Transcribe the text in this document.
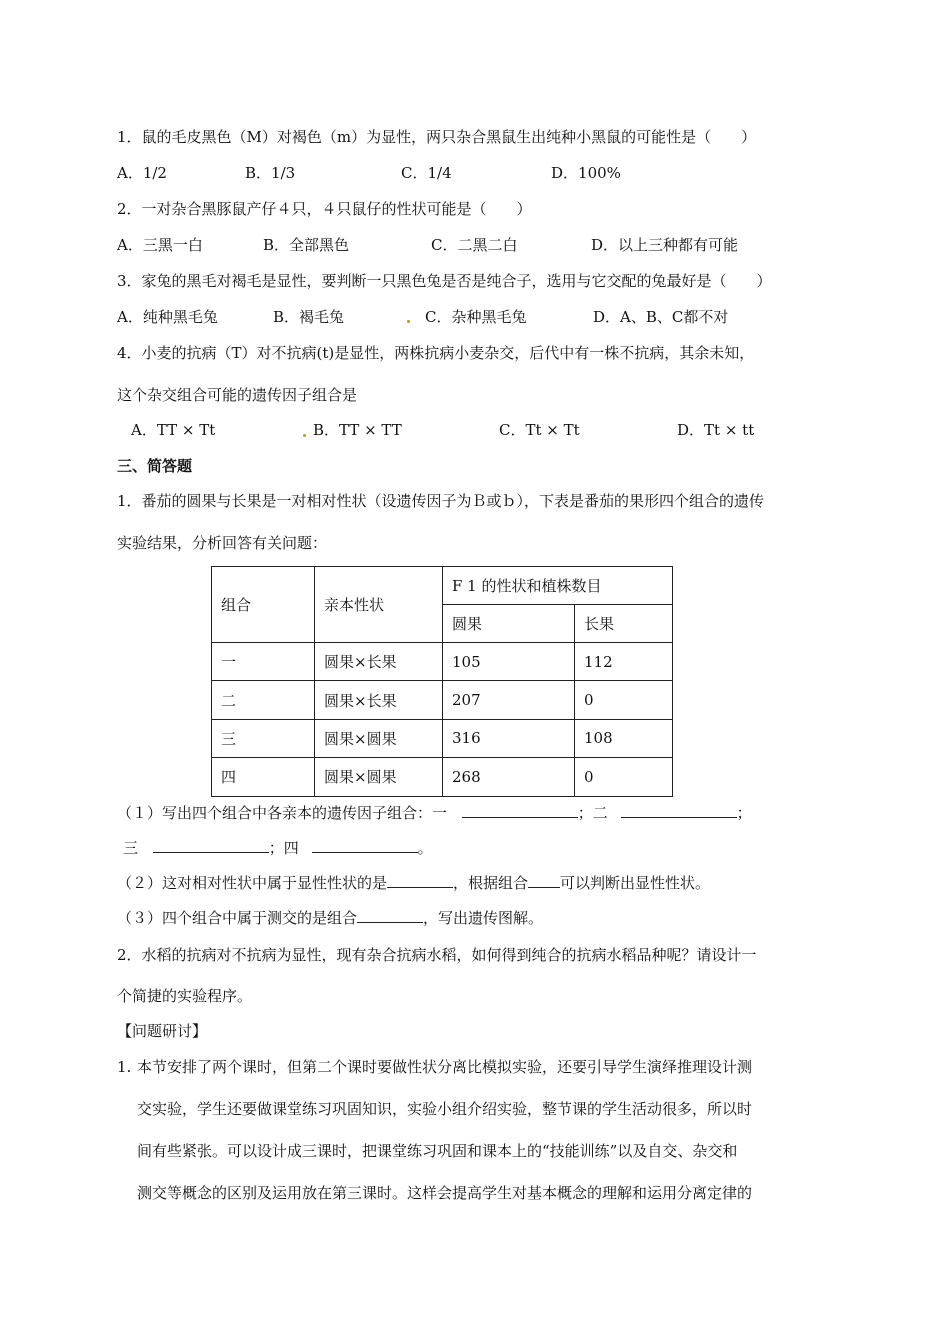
1．鼠的毛皮黑色（M）对褐色（m）为显性，两只杂合黑鼠生出纯种小黑鼠的可能性是（　　）
A．1/2	B．1/3	C．1/4	D．100%
2．一对杂合黑豚鼠产仔４只，４只鼠仔的性状可能是（　　）
A．三黑一白	B．全部黑色	C．二黑二白	D．以上三种都有可能
3．家兔的黑毛对褐毛是显性，要判断一只黑色兔是否是纯合子，选用与它交配的兔最好是（　　）
A．纯种黑毛兔	B．褐毛兔	C．杂种黑毛兔	D．A、B、C都不对
4．小麦的抗病（T）对不抗病(t)是显性，两株抗病小麦杂交，后代中有一株不抗病，其余未知，
这个杂交组合可能的遗传因子组合是
A．TT × Tt	B．TT × TT	C．Tt × Tt	D．Tt × tt
三、简答题
1．番茄的圆果与长果是一对相对性状（设遗传因子为Ｂ或ｂ），下表是番茄的果形四个组合的遗传
实验结果，分析回答有关问题：
组合	亲本性状	F 1 的性状和植株数目	
		圆果	长果
一	圆果×长果	105	112
二	圆果×长果	207	0
三	圆果×圆果	316	108
四	圆果×圆果	268	0
（１）写出四个组合中各亲本的遗传因子组合：一	；二	；
三	；四	。
（２）这对相对性状中属于显性性状的是	，根据组合 可以判断出显性性状。
（３）四个组合中属于测交的是组合	，写出遗传图解。
2．水稻的抗病对不抗病为显性，现有杂合抗病水稻，如何得到纯合的抗病水稻品种呢？请设计一
个简捷的实验程序。
【问题研讨】
1. 本节安排了两个课时，但第二个课时要做性状分离比模拟实验，还要引导学生演绎推理设计测
交实验，学生还要做课堂练习巩固知识，实验小组介绍实验，整节课的学生活动很多，所以时
间有些紧张。可以设计成三课时，把课堂练习巩固和课本上的“技能训练”以及自交、杂交和
测交等概念的区别及运用放在第三课时。这样会提高学生对基本概念的理解和运用分离定律的
